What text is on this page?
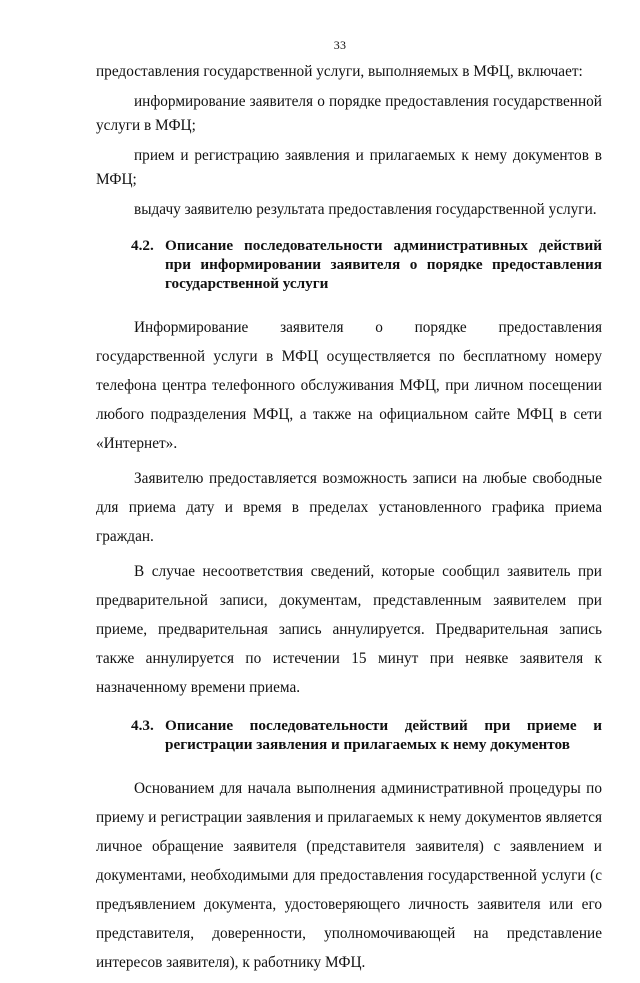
33

предоставления государственной услуги, выполняемых в МФЦ, включает:

информирование заявителя о порядке предоставления государственной услуги в МФЦ;

прием и регистрацию заявления и прилагаемых к нему документов в МФЦ;

выдачу заявителю результата предоставления государственной услуги.

4.2. Описание последовательности административных действий при информировании заявителя о порядке предоставления государственной услуги

Информирование заявителя о порядке предоставления государственной услуги в МФЦ осуществляется по бесплатному номеру телефона центра телефонного обслуживания МФЦ, при личном посещении любого подразделения МФЦ, а также на официальном сайте МФЦ в сети «Интернет».

Заявителю предоставляется возможность записи на любые свободные для приема дату и время в пределах установленного графика приема граждан.

В случае несоответствия сведений, которые сообщил заявитель при предварительной записи, документам, представленным заявителем при приеме, предварительная запись аннулируется. Предварительная запись также аннулируется по истечении 15 минут при неявке заявителя к назначенному времени приема.

4.3. Описание последовательности действий при приеме и регистрации заявления и прилагаемых к нему документов

Основанием для начала выполнения административной процедуры по приему и регистрации заявления и прилагаемых к нему документов является личное обращение заявителя (представителя заявителя) с заявлением и документами, необходимыми для предоставления государственной услуги (с предъявлением документа, удостоверяющего личность заявителя или его представителя, доверенности, уполномочивающей на представление интересов заявителя), к работнику МФЦ.
